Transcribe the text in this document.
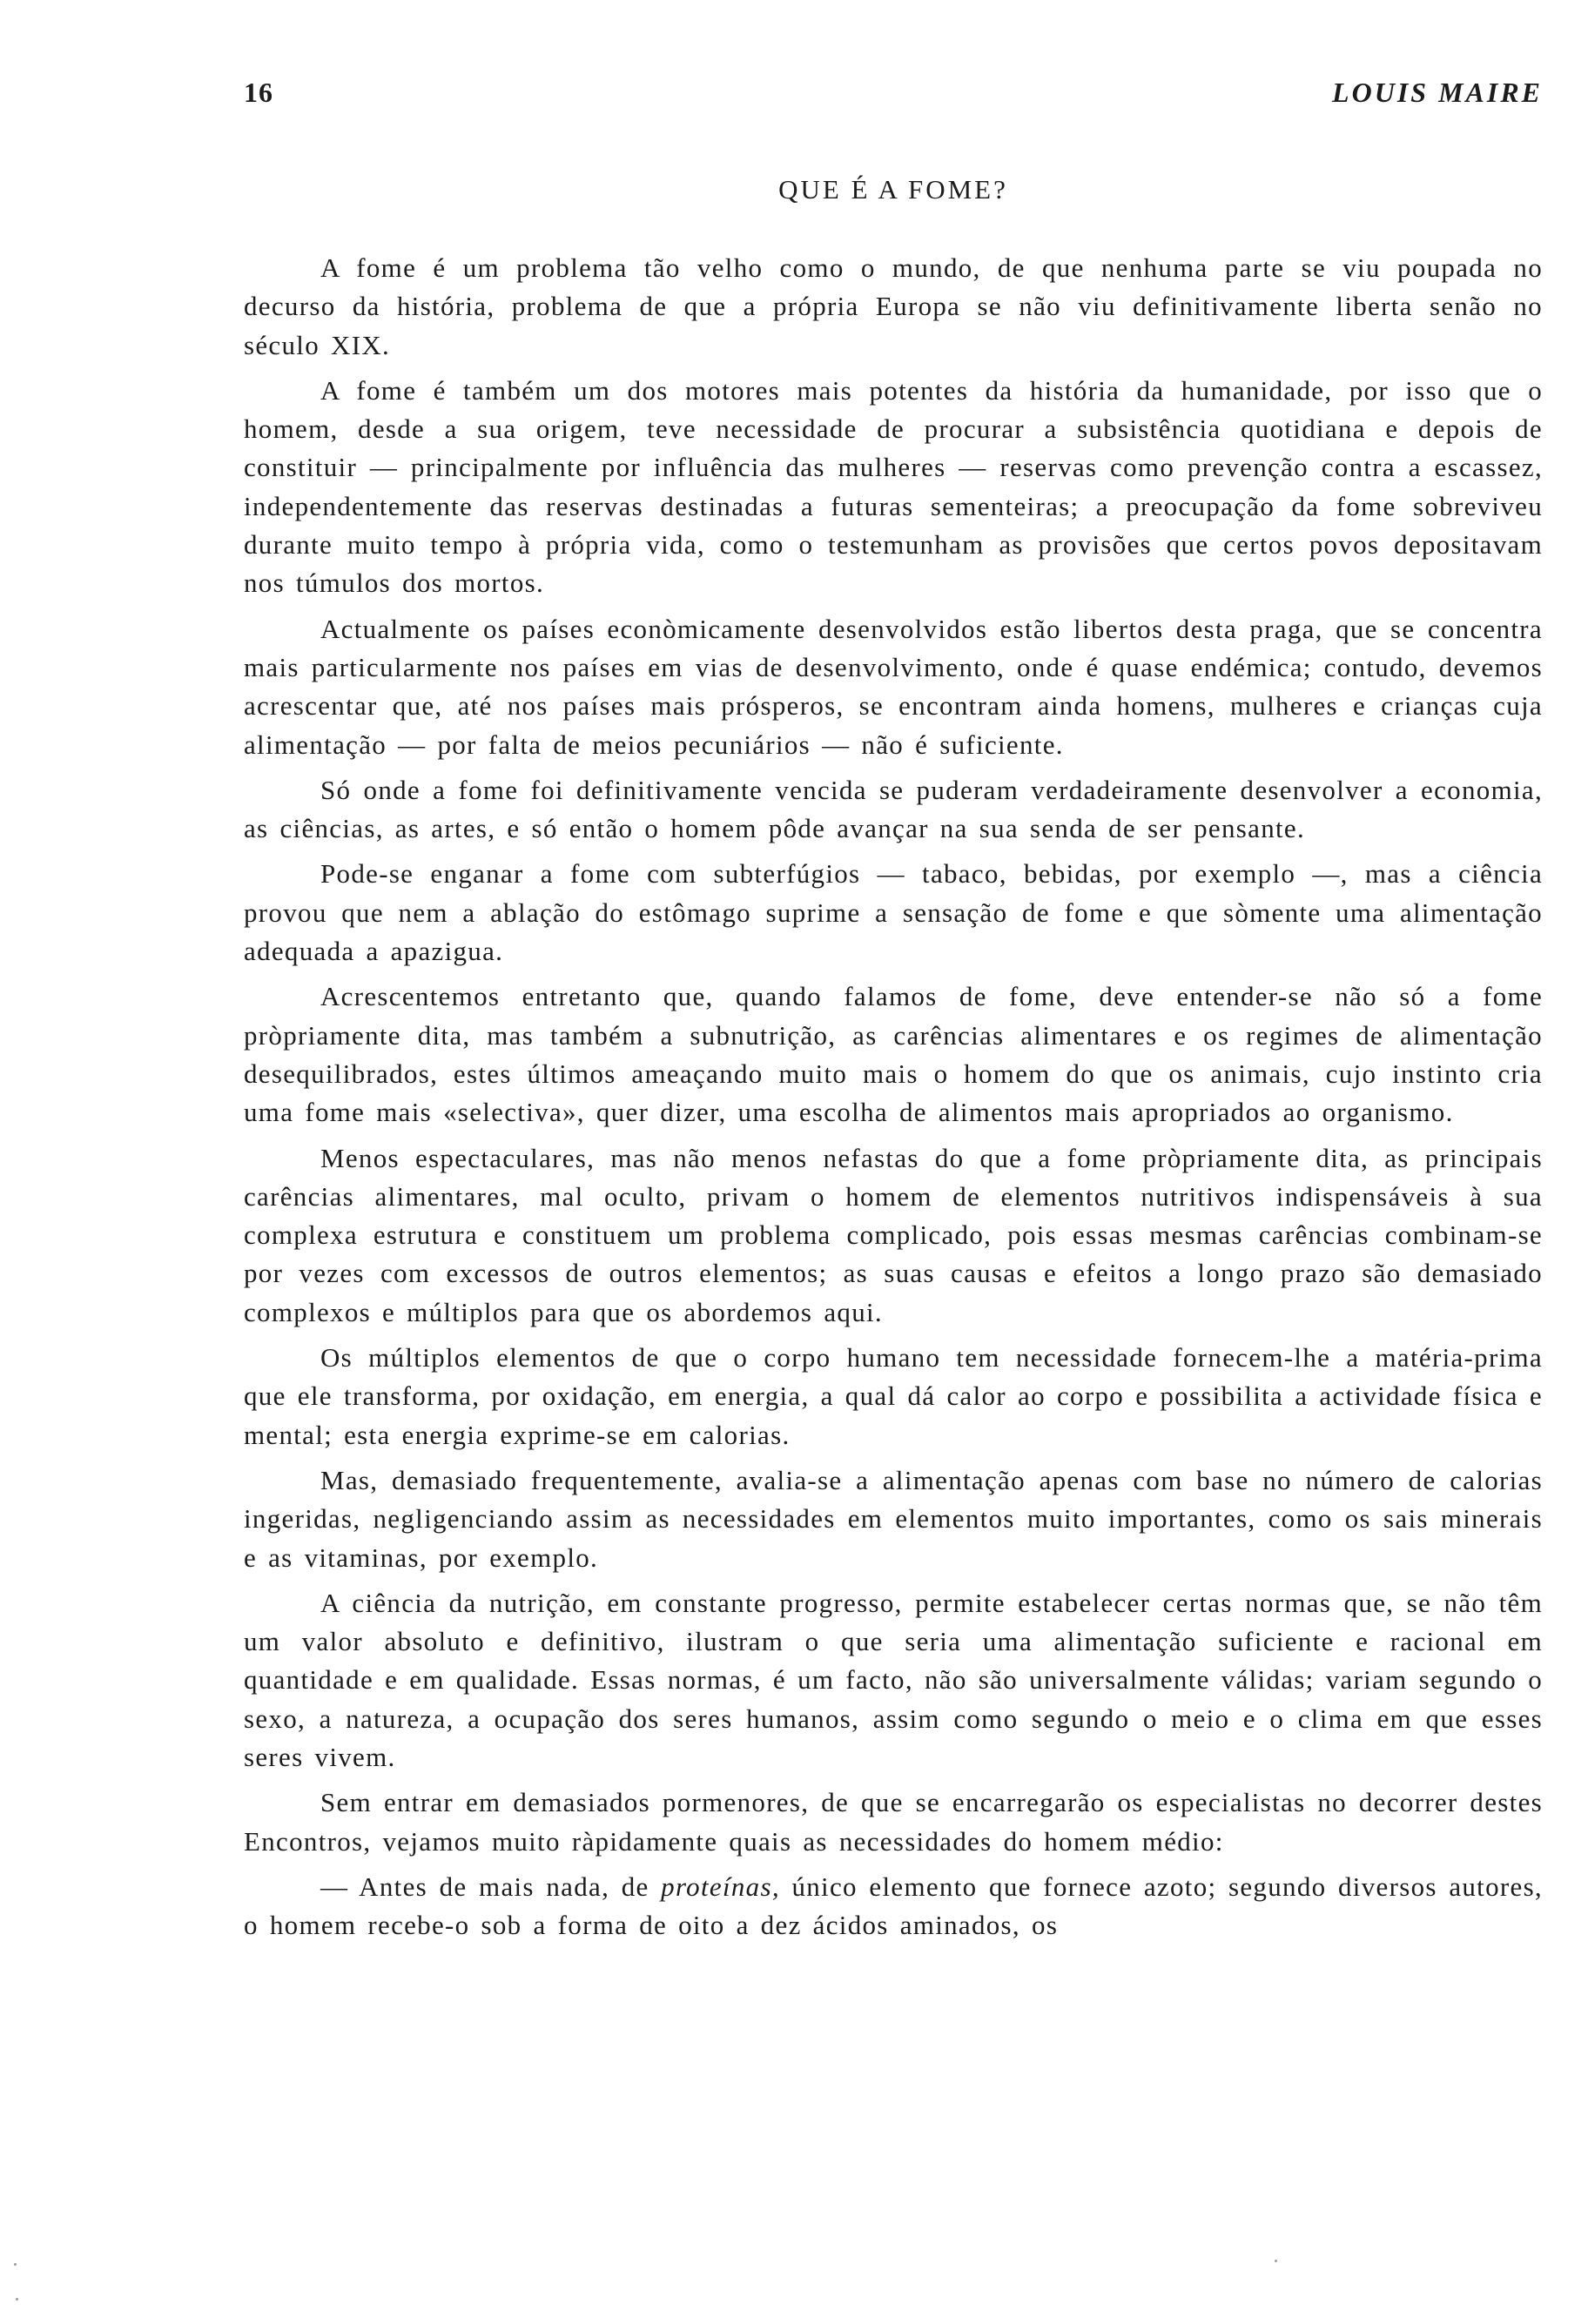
16	LOUIS MAIRE
QUE É A FOME?

A fome é um problema tão velho como o mundo, de que nenhuma parte se viu poupada no decurso da história, problema de que a própria Europa se não viu definitivamente liberta senão no século XIX.

A fome é também um dos motores mais potentes da história da humanidade, por isso que o homem, desde a sua origem, teve necessidade de procurar a subsistência quotidiana e depois de constituir — principalmente por influência das mulheres — reservas como prevenção contra a escassez, independentemente das reservas destinadas a futuras sementeiras; a preocupação da fome sobreviveu durante muito tempo à própria vida, como o testemunham as provisões que certos povos depositavam nos túmulos dos mortos.

Actualmente os países econòmicamente desenvolvidos estão libertos desta praga, que se concentra mais particularmente nos países em vias de desenvolvimento, onde é quase endémica; contudo, devemos acrescentar que, até nos países mais prósperos, se encontram ainda homens, mulheres e crianças cuja alimentação — por falta de meios pecuniários — não é suficiente.

Só onde a fome foi definitivamente vencida se puderam verdadeiramente desenvolver a economia, as ciências, as artes, e só então o homem pôde avançar na sua senda de ser pensante.

Pode-se enganar a fome com subterfúgios — tabaco, bebidas, por exemplo —, mas a ciência provou que nem a ablação do estômago suprime a sensação de fome e que sòmente uma alimentação adequada a apazigua.

Acrescentemos entretanto que, quando falamos de fome, deve entender-se não só a fome pròpriamente dita, mas também a subnutrição, as carências alimentares e os regimes de alimentação desequilibrados, estes últimos ameaçando muito mais o homem do que os animais, cujo instinto cria uma fome mais «selectiva», quer dizer, uma escolha de alimentos mais apropriados ao organismo.

Menos espectaculares, mas não menos nefastas do que a fome pròpriamente dita, as principais carências alimentares, mal oculto, privam o homem de elementos nutritivos indispensáveis à sua complexa estrutura e constituem um problema complicado, pois essas mesmas carências combinam-se por vezes com excessos de outros elementos; as suas causas e efeitos a longo prazo são demasiado complexos e múltiplos para que os abordemos aqui.

Os múltiplos elementos de que o corpo humano tem necessidade fornecem-lhe a matéria-prima que ele transforma, por oxidação, em energia, a qual dá calor ao corpo e possibilita a actividade física e mental; esta energia exprime-se em calorias.

Mas, demasiado frequentemente, avalia-se a alimentação apenas com base no número de calorias ingeridas, negligenciando assim as necessidades em elementos muito importantes, como os sais minerais e as vitaminas, por exemplo.

A ciência da nutrição, em constante progresso, permite estabelecer certas normas que, se não têm um valor absoluto e definitivo, ilustram o que seria uma alimentação suficiente e racional em quantidade e em qualidade. Essas normas, é um facto, não são universalmente válidas; variam segundo o sexo, a natureza, a ocupação dos seres humanos, assim como segundo o meio e o clima em que esses seres vivem.

Sem entrar em demasiados pormenores, de que se encarregarão os especialistas no decorrer destes Encontros, vejamos muito ràpidamente quais as necessidades do homem médio:

— Antes de mais nada, de proteínas, único elemento que fornece azoto; segundo diversos autores, o homem recebe-o sob a forma de oito a dez ácidos aminados, os
